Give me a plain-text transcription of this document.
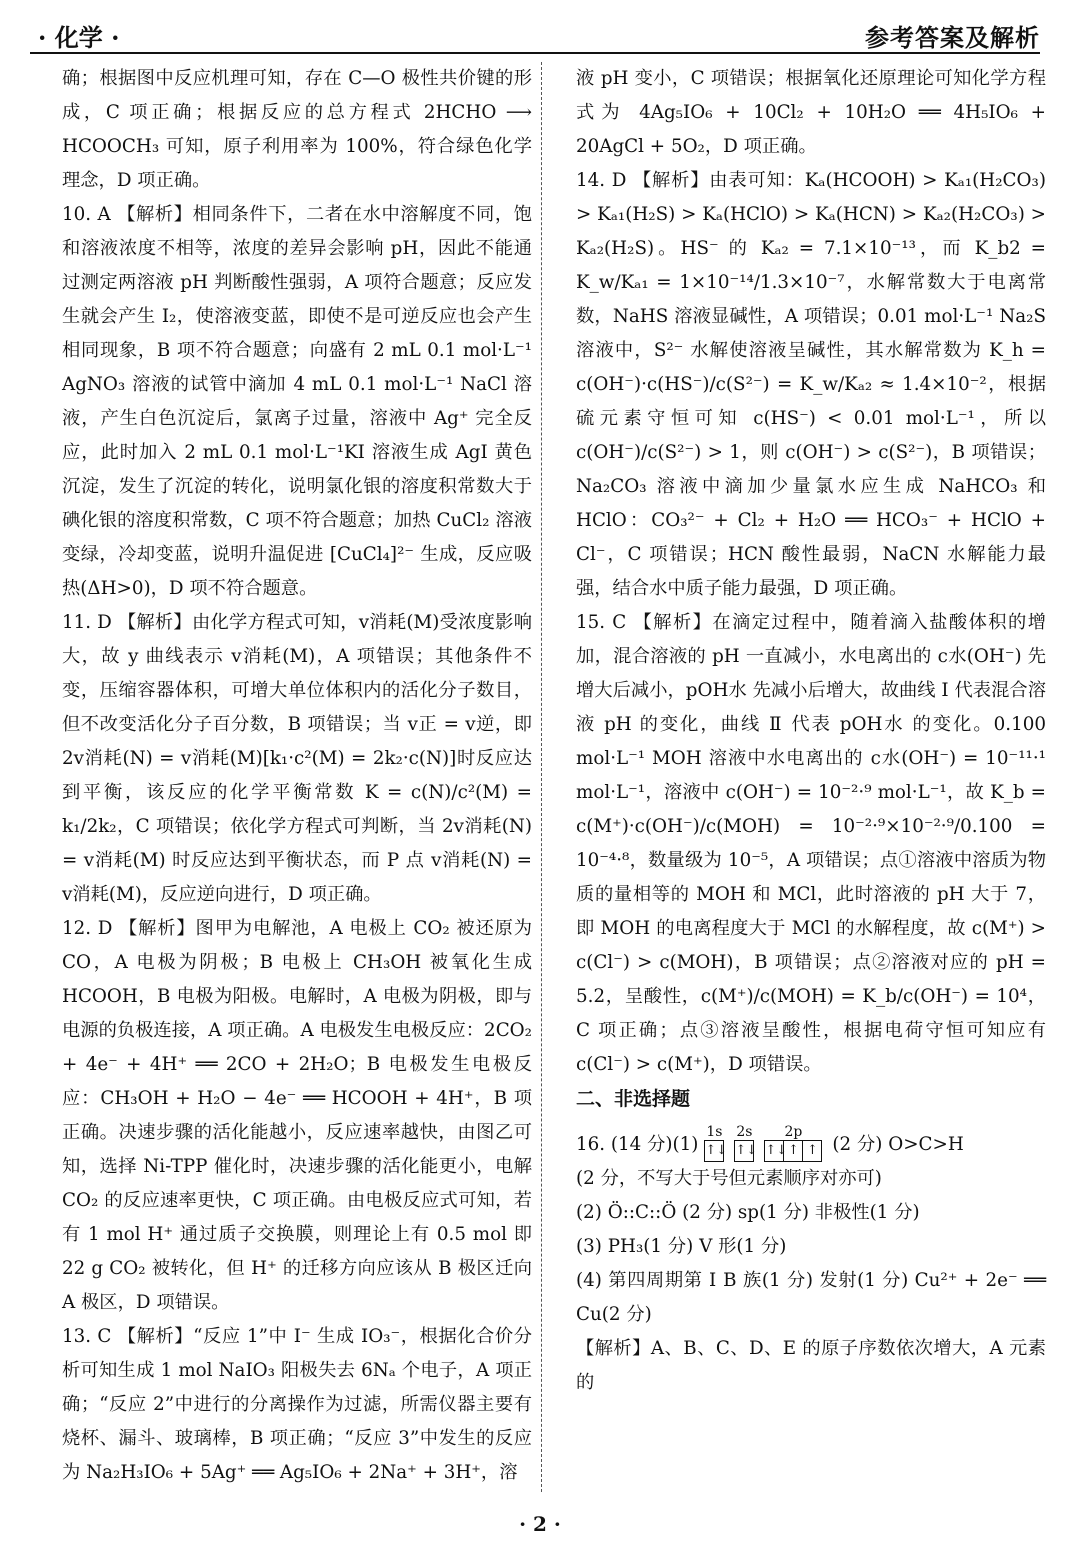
· 化学 ·	参考答案及解析

确；根据图中反应机理可知，存在 C—O 极性共价键的形成，C 项正确；根据反应的总方程式 2HCHO ⟶ HCOOCH₃ 可知，原子利用率为 100%，符合绿色化学理念，D 项正确。

10. A 【解析】相同条件下，二者在水中溶解度不同，饱和溶液浓度不相等，浓度的差异会影响 pH，因此不能通过测定两溶液 pH 判断酸性强弱，A 项符合题意；反应发生就会产生 I₂，使溶液变蓝，即使不是可逆反应也会产生相同现象，B 项不符合题意；向盛有 2 mL 0.1 mol·L⁻¹ AgNO₃ 溶液的试管中滴加 4 mL 0.1 mol·L⁻¹ NaCl 溶液，产生白色沉淀后，氯离子过量，溶液中 Ag⁺ 完全反应，此时加入 2 mL 0.1 mol·L⁻¹KI 溶液生成 AgI 黄色沉淀，发生了沉淀的转化，说明氯化银的溶度积常数大于碘化银的溶度积常数，C 项不符合题意；加热 CuCl₂ 溶液变绿，冷却变蓝，说明升温促进 [CuCl₄]²⁻ 生成，反应吸热(ΔH>0)，D 项不符合题意。

11. D 【解析】由化学方程式可知，v消耗(M)受浓度影响大，故 y 曲线表示 v消耗(M)，A 项错误；其他条件不变，压缩容器体积，可增大单位体积内的活化分子数目，但不改变活化分子百分数，B 项错误；当 v正 = v逆，即 2v消耗(N) = v消耗(M)[k₁·c²(M) = 2k₂·c(N)]时反应达到平衡，该反应的化学平衡常数 K = c(N)/c²(M) = k₁/2k₂，C 项错误；依化学方程式可判断，当 2v消耗(N) = v消耗(M) 时反应达到平衡状态，而 P 点 v消耗(N) = v消耗(M)，反应逆向进行，D 项正确。

12. D 【解析】图甲为电解池，A 电极上 CO₂ 被还原为 CO，A 电极为阴极；B 电极上 CH₃OH 被氧化生成 HCOOH，B 电极为阳极。电解时，A 电极为阴极，即与电源的负极连接，A 项正确。A 电极发生电极反应：2CO₂ + 4e⁻ + 4H⁺ ══ 2CO + 2H₂O；B 电极发生电极反应：CH₃OH + H₂O − 4e⁻ ══ HCOOH + 4H⁺，B 项正确。决速步骤的活化能越小，反应速率越快，由图乙可知，选择 Ni-TPP 催化时，决速步骤的活化能更小，电解 CO₂ 的反应速率更快，C 项正确。由电极反应式可知，若有 1 mol H⁺ 通过质子交换膜，则理论上有 0.5 mol 即22 g CO₂ 被转化，但 H⁺ 的迁移方向应该从 B 极区迁向 A 极区，D 项错误。

13. C 【解析】“反应 1”中 I⁻ 生成 IO₃⁻，根据化合价分析可知生成 1 mol NaIO₃ 阳极失去 6Nₐ 个电子，A 项正确；“反应 2”中进行的分离操作为过滤，所需仪器主要有烧杯、漏斗、玻璃棒，B 项正确；“反应 3”中发生的反应为 Na₂H₃IO₆ + 5Ag⁺ ══ Ag₅IO₆ + 2Na⁺ + 3H⁺，溶

液 pH 变小，C 项错误；根据氧化还原理论可知化学方程式为 4Ag₅IO₆ + 10Cl₂ + 10H₂O ══ 4H₅IO₆ + 20AgCl + 5O₂，D 项正确。

14. D 【解析】由表可知：Kₐ(HCOOH) > Kₐ₁(H₂CO₃) > Kₐ₁(H₂S) > Kₐ(HClO) > Kₐ(HCN) > Kₐ₂(H₂CO₃) > Kₐ₂(H₂S)。HS⁻ 的 Kₐ₂ = 7.1×10⁻¹³，而 K_b2 = K_w/Kₐ₁ = 1×10⁻¹⁴/1.3×10⁻⁷，水解常数大于电离常数，NaHS 溶液显碱性，A 项错误；0.01 mol·L⁻¹ Na₂S 溶液中，S²⁻ 水解使溶液呈碱性，其水解常数为 K_h = c(OH⁻)·c(HS⁻)/c(S²⁻) = K_w/Kₐ₂ ≈ 1.4×10⁻²，根据硫元素守恒可知 c(HS⁻) < 0.01 mol·L⁻¹，所以 c(OH⁻)/c(S²⁻) > 1，则 c(OH⁻) > c(S²⁻)，B 项错误；Na₂CO₃ 溶液中滴加少量氯水应生成 NaHCO₃ 和 HClO：CO₃²⁻ + Cl₂ + H₂O ══ HCO₃⁻ + HClO + Cl⁻，C 项错误；HCN 酸性最弱，NaCN 水解能力最强，结合水中质子能力最强，D 项正确。

15. C 【解析】在滴定过程中，随着滴入盐酸体积的增加，混合溶液的 pH 一直减小，水电离出的 c水(OH⁻) 先增大后减小，pOH水 先减小后增大，故曲线 Ⅰ 代表混合溶液 pH 的变化，曲线 Ⅱ 代表 pOH水 的变化。0.100 mol·L⁻¹ MOH 溶液中水电离出的 c水(OH⁻) = 10⁻¹¹·¹ mol·L⁻¹，溶液中 c(OH⁻) = 10⁻²·⁹ mol·L⁻¹，故 K_b = c(M⁺)·c(OH⁻)/c(MOH) = 10⁻²·⁹×10⁻²·⁹/0.100 = 10⁻⁴·⁸，数量级为 10⁻⁵，A 项错误；点①溶液中溶质为物质的量相等的 MOH 和 MCl，此时溶液的 pH 大于 7，即 MOH 的电离程度大于 MCl 的水解程度，故 c(M⁺) > c(Cl⁻) > c(MOH)，B 项错误；点②溶液对应的 pH = 5.2，呈酸性，c(M⁺)/c(MOH) = K_b/c(OH⁻) = 10⁴，C 项正确；点③溶液呈酸性，根据电荷守恒可知应有 c(Cl⁻) > c(M⁺)，D 项错误。

二、非选择题

16. (14 分)(1)
1s
↑↓
2s
↑↓
2p
↑↓ ↑ ↑ (2 分) O>C>H

(2 分，不写大于号但元素顺序对亦可)

(2) Ö::C::Ö (2 分) sp(1 分) 非极性(1 分)

(3) PH₃(1 分) V 形(1 分)

(4) 第四周期第 Ⅰ B 族(1 分) 发射(1 分) Cu²⁺ + 2e⁻ ══ Cu(2 分)

【解析】A、B、C、D、E 的原子序数依次增大，A 元素的

· 2 ·
